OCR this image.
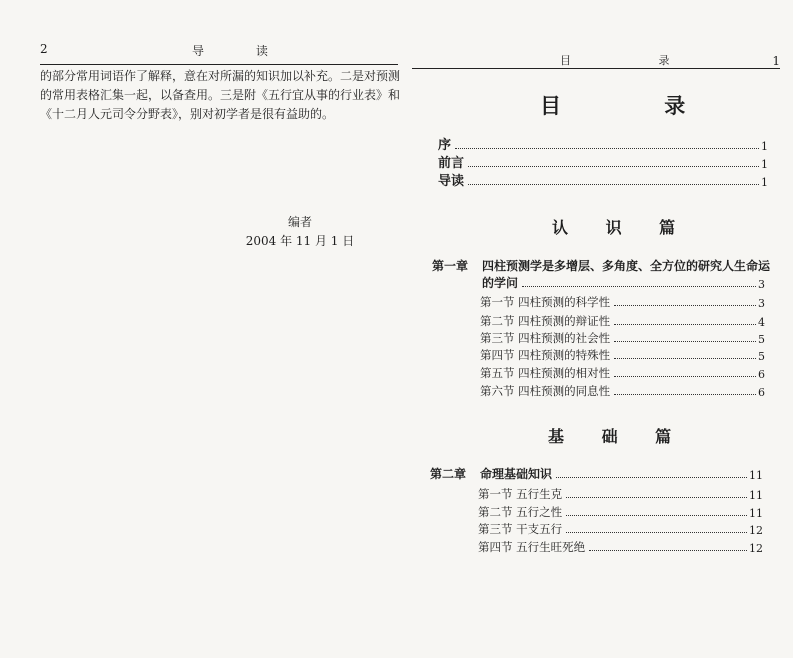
2	导 读

的部分常用词语作了解释，意在对所漏的知识加以补充。二是对预测

的常用表格汇集一起，以备查用。三是附《五行宜从事的行业表》和

《十二月人元司令分野表》，别对初学者是很有益助的。

编者
2004 年 11 月 1 日
目 录	1
目 录
序	1
前言	1
导读	1
认 识 篇
第一章 四柱预测学是多增层、多角度、全方位的研究人生命运
的学问	3
第一节 四柱预测的科学性	3
第二节 四柱预测的辩证性	4
第三节 四柱预测的社会性	5
第四节 四柱预测的特殊性	5
第五节 四柱预测的相对性	6
第六节 四柱预测的同息性	6
基 础 篇
第二章 命理基础知识	11
第一节 五行生克	11
第二节 五行之性	11
第三节 干支五行	12
第四节 五行生旺死绝	12
